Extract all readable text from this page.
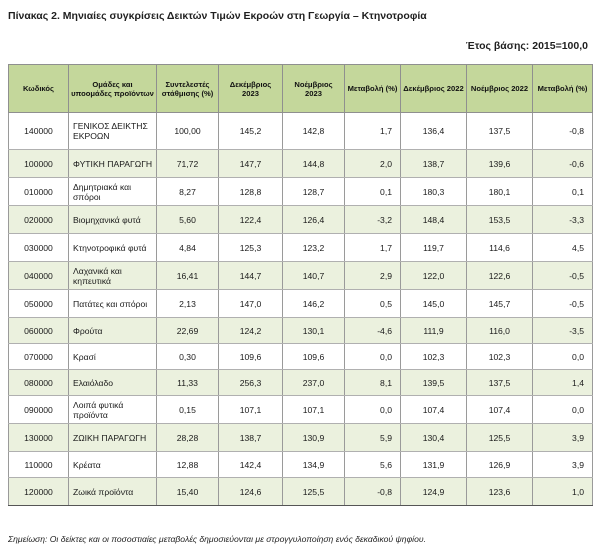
Πίνακας 2. Μηνιαίες συγκρίσεις Δεικτών Τιμών Εκροών στη Γεωργία – Κτηνοτροφία
Έτος βάσης: 2015=100,0
Κωδικός	Ομάδες και υποομάδες προϊόντων	Συντελεστές στάθμισης (%)	Δεκέμβριος 2023	Νοέμβριος 2023	Μεταβολή (%)	Δεκέμβριος 2022	Νοέμβριος 2022	Μεταβολή (%)
140000	ΓΕΝΙΚΟΣ ΔΕΙΚΤΗΣ ΕΚΡΟΩΝ	100,00	145,2	142,8	1,7	136,4	137,5	-0,8
100000	ΦΥΤΙΚΗ ΠΑΡΑΓΩΓΗ	71,72	147,7	144,8	2,0	138,7	139,6	-0,6
010000	Δημητριακά και σπόροι	8,27	128,8	128,7	0,1	180,3	180,1	0,1
020000	Βιομηχανικά φυτά	5,60	122,4	126,4	-3,2	148,4	153,5	-3,3
030000	Κτηνοτροφικά φυτά	4,84	125,3	123,2	1,7	119,7	114,6	4,5
040000	Λαχανικά και κηπευτικά	16,41	144,7	140,7	2,9	122,0	122,6	-0,5
050000	Πατάτες και σπόροι	2,13	147,0	146,2	0,5	145,0	145,7	-0,5
060000	Φρούτα	22,69	124,2	130,1	-4,6	111,9	116,0	-3,5
070000	Κρασί	0,30	109,6	109,6	0,0	102,3	102,3	0,0
080000	Ελαιόλαδο	11,33	256,3	237,0	8,1	139,5	137,5	1,4
090000	Λοιπά φυτικά προϊόντα	0,15	107,1	107,1	0,0	107,4	107,4	0,0
130000	ΖΩΙΚΗ ΠΑΡΑΓΩΓΗ	28,28	138,7	130,9	5,9	130,4	125,5	3,9
110000	Κρέατα	12,88	142,4	134,9	5,6	131,9	126,9	3,9
120000	Ζωικά προϊόντα	15,40	124,6	125,5	-0,8	124,9	123,6	1,0
Σημείωση: Οι δείκτες και οι ποσοστιαίες μεταβολές δημοσιεύονται με στρογγυλοποίηση ενός δεκαδικού ψηφίου.
